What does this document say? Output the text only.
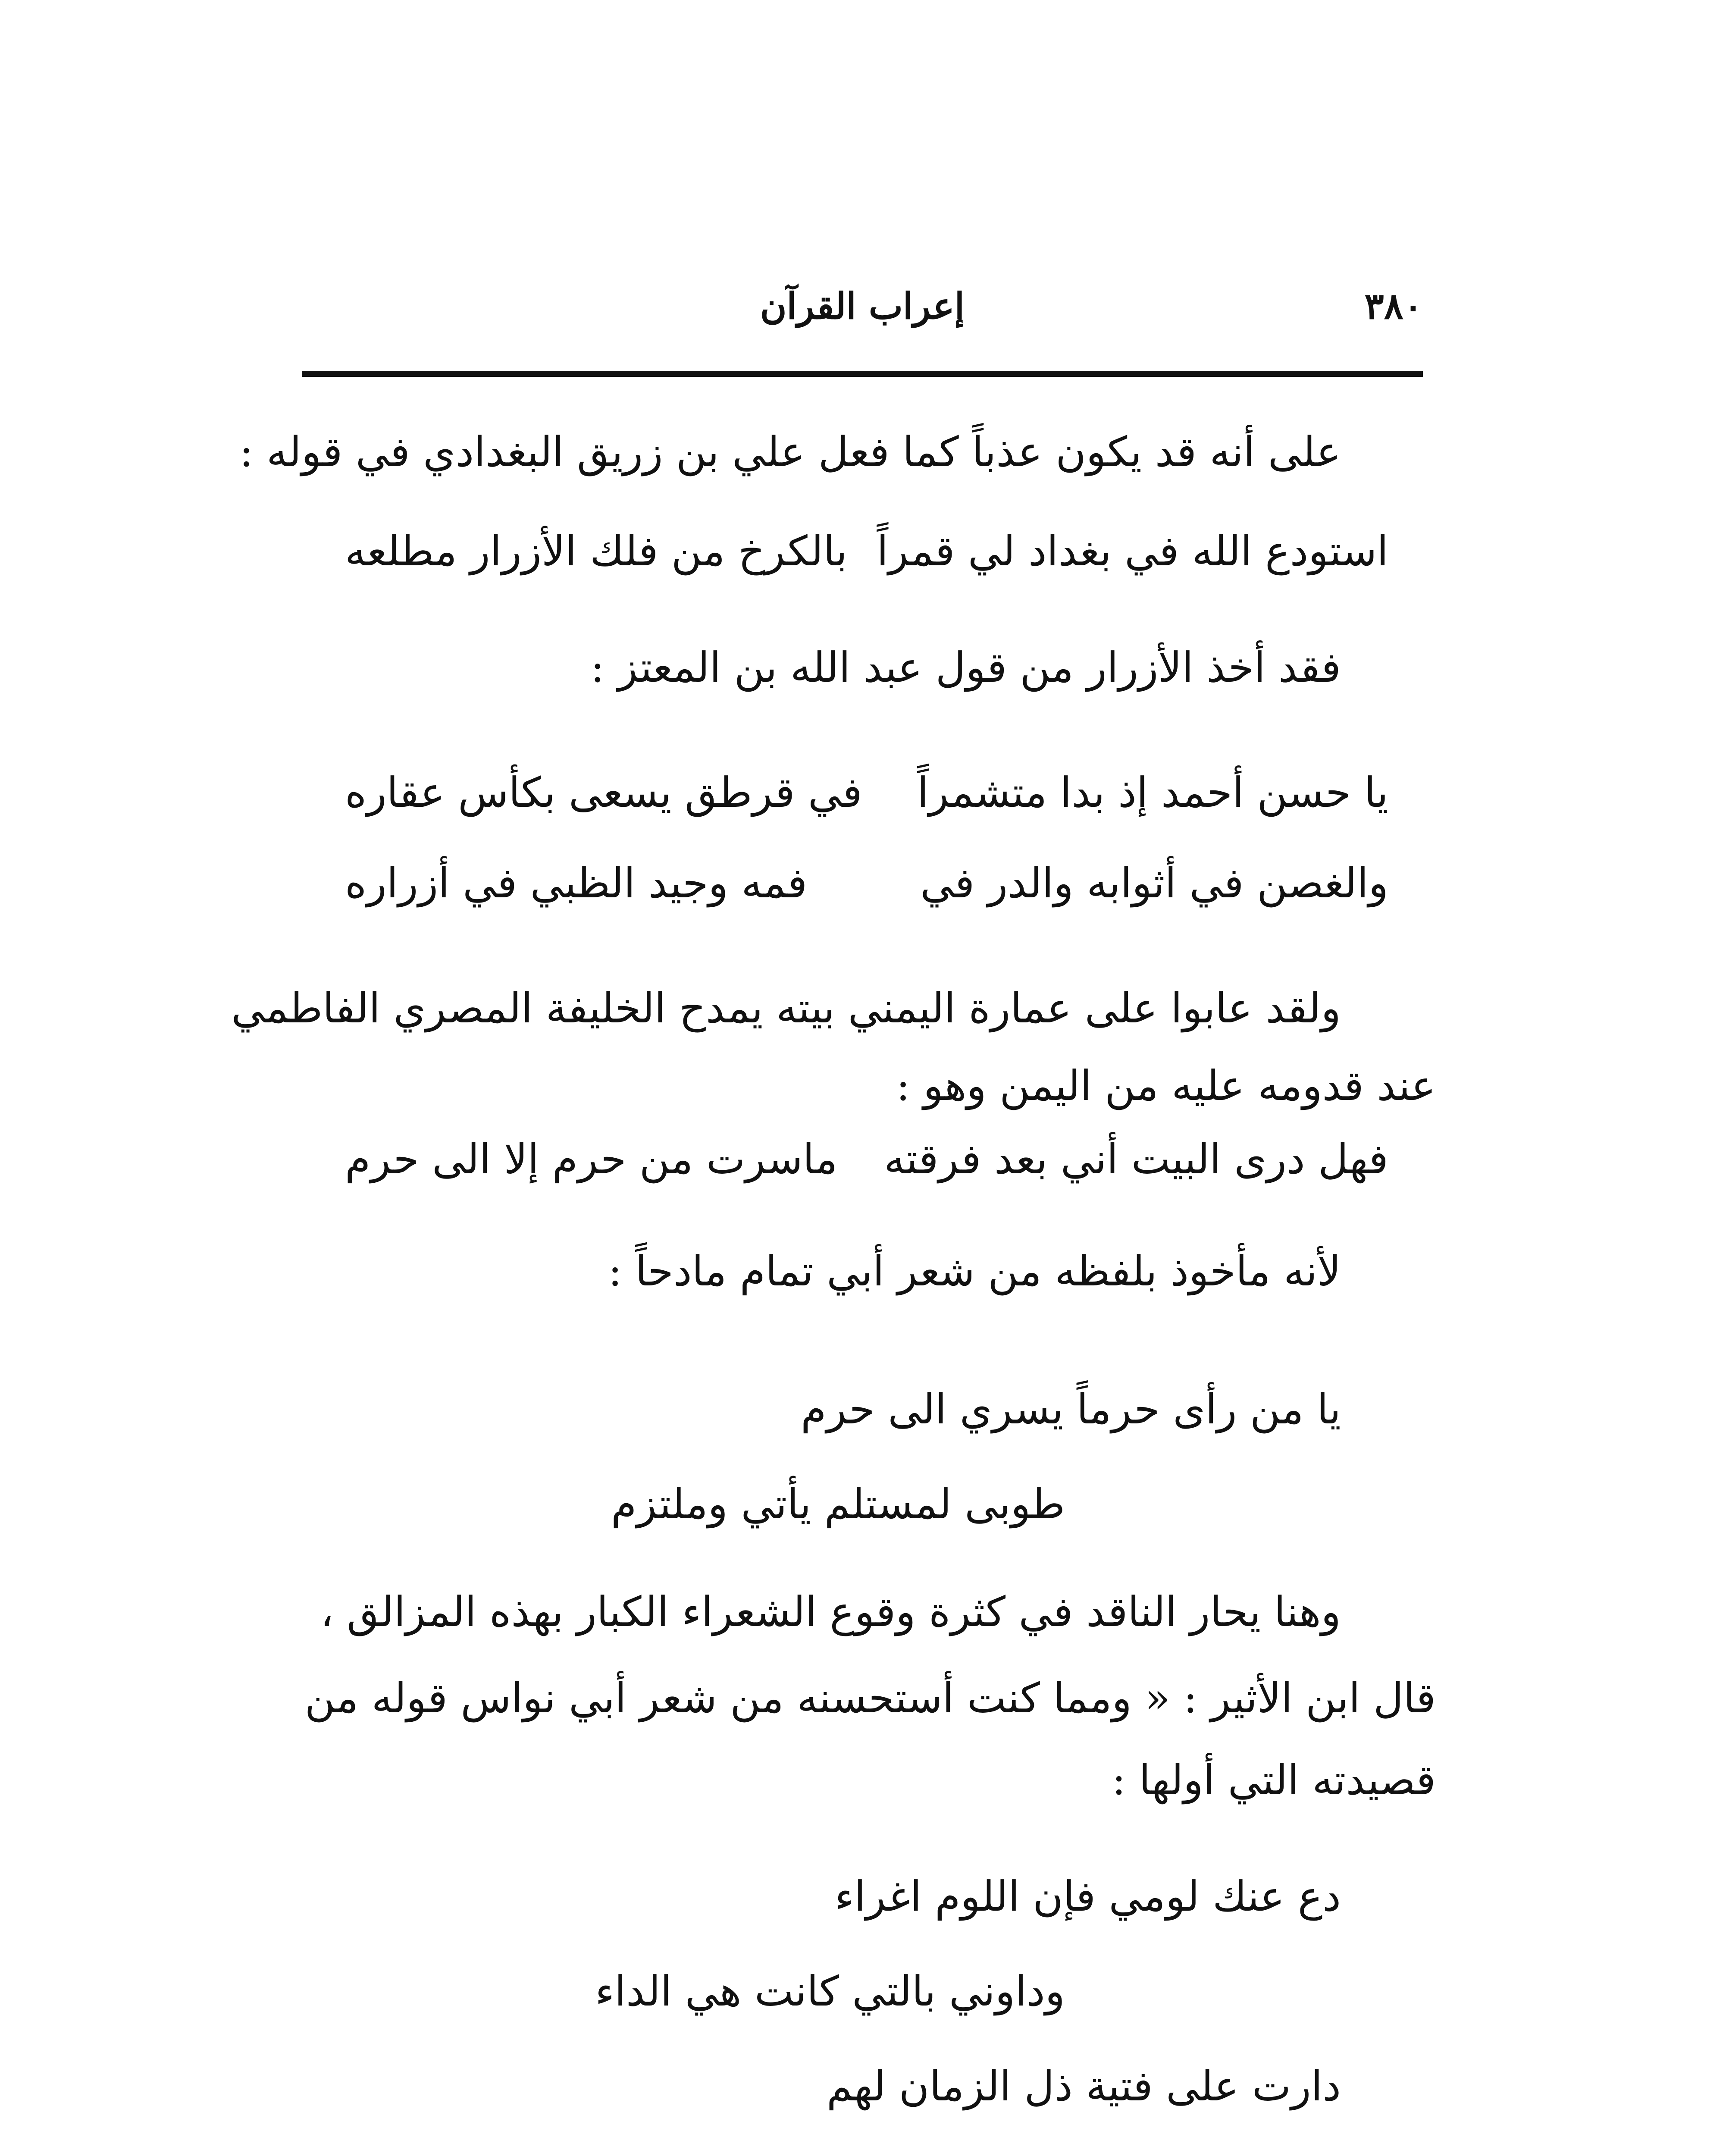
٣٨٠
إعراب القرآن
على أنه قد يكون عذباً كما فعل علي بن زريق البغدادي في قوله :
استودع الله في بغداد لي قمراً
بالكرخ من فلك الأزرار مطلعه
فقد أخذ الأزرار من قول عبد الله بن المعتز :
يا حسن أحمد إذ بدا متشمراً
في قرطق يسعى بكأس عقاره
والغصن في أثوابه والدر في
فمه وجيد الظبي في أزراره
ولقد عابوا على عمارة اليمني بيته يمدح الخليفة المصري الفاطمي
عند قدومه عليه من اليمن وهو :
فهل درى البيت أني بعد فرقته
ماسرت من حرم إلا الى حرم
لأنه مأخوذ بلفظه من شعر أبي تمام مادحاً :
يا من رأى حرماً يسري الى حرم
طوبى لمستلم يأتي وملتزم
وهنا يحار الناقد في كثرة وقوع الشعراء الكبار بهذه المزالق ،
قال ابن الأثير : « ومما كنت أستحسنه من شعر أبي نواس قوله من
قصيدته التي أولها :
دع عنك لومي فإن اللوم اغراء
وداوني بالتي كانت هي الداء
دارت على فتية ذل الزمان لهم
